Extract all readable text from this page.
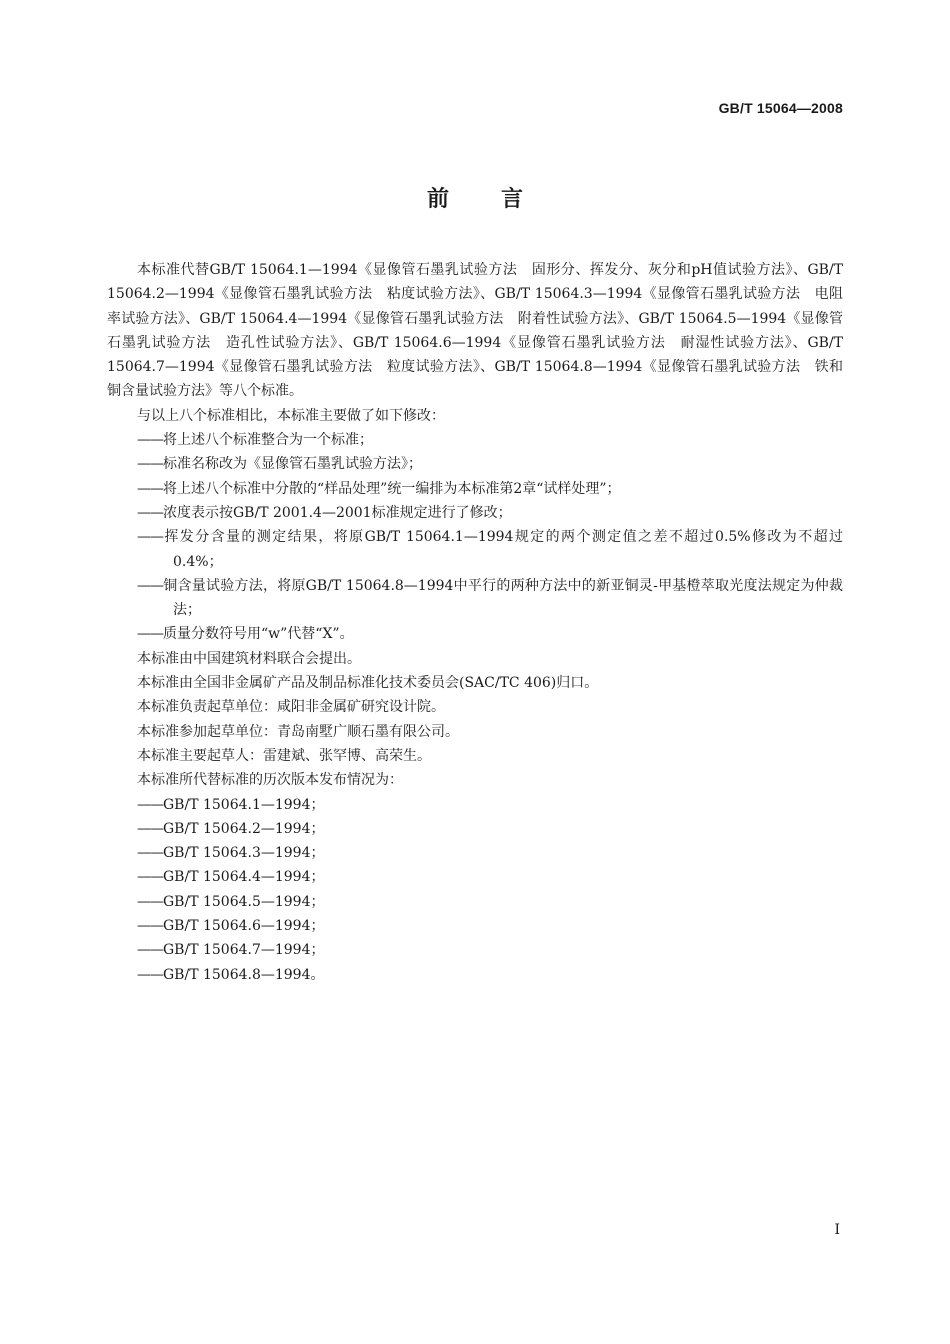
GB/T 15064—2008
前言

本标准代替GB/T 15064.1—1994《显像管石墨乳试验方法　固形分、挥发分、灰分和pH值试验方法》、GB/T 15064.2—1994《显像管石墨乳试验方法　粘度试验方法》、GB/T 15064.3—1994《显像管石墨乳试验方法　电阻率试验方法》、GB/T 15064.4—1994《显像管石墨乳试验方法　附着性试验方法》、GB/T 15064.5—1994《显像管石墨乳试验方法　造孔性试验方法》、GB/T 15064.6—1994《显像管石墨乳试验方法　耐湿性试验方法》、GB/T 15064.7—1994《显像管石墨乳试验方法　粒度试验方法》、GB/T 15064.8—1994《显像管石墨乳试验方法　铁和铜含量试验方法》等八个标准。

与以上八个标准相比，本标准主要做了如下修改：

——将上述八个标准整合为一个标准；
——标准名称改为《显像管石墨乳试验方法》；
——将上述八个标准中分散的“样品处理”统一编排为本标准第2章“试样处理”；
——浓度表示按GB/T 2001.4—2001标准规定进行了修改；
——挥发分含量的测定结果，将原GB/T 15064.1—1994规定的两个测定值之差不超过0.5%修改为不超过0.4%；
——铜含量试验方法，将原GB/T 15064.8—1994中平行的两种方法中的新亚铜灵-甲基橙萃取光度法规定为仲裁法；
——质量分数符号用“w”代替“X”。

本标准由中国建筑材料联合会提出。

本标准由全国非金属矿产品及制品标准化技术委员会(SAC/TC 406)归口。

本标准负责起草单位：咸阳非金属矿研究设计院。

本标准参加起草单位：青岛南墅广顺石墨有限公司。

本标准主要起草人：雷建斌、张罕博、高荣生。

本标准所代替标准的历次版本发布情况为：

——GB/T 15064.1—1994；
——GB/T 15064.2—1994；
——GB/T 15064.3—1994；
——GB/T 15064.4—1994；
——GB/T 15064.5—1994；
——GB/T 15064.6—1994；
——GB/T 15064.7—1994；
——GB/T 15064.8—1994。
I
